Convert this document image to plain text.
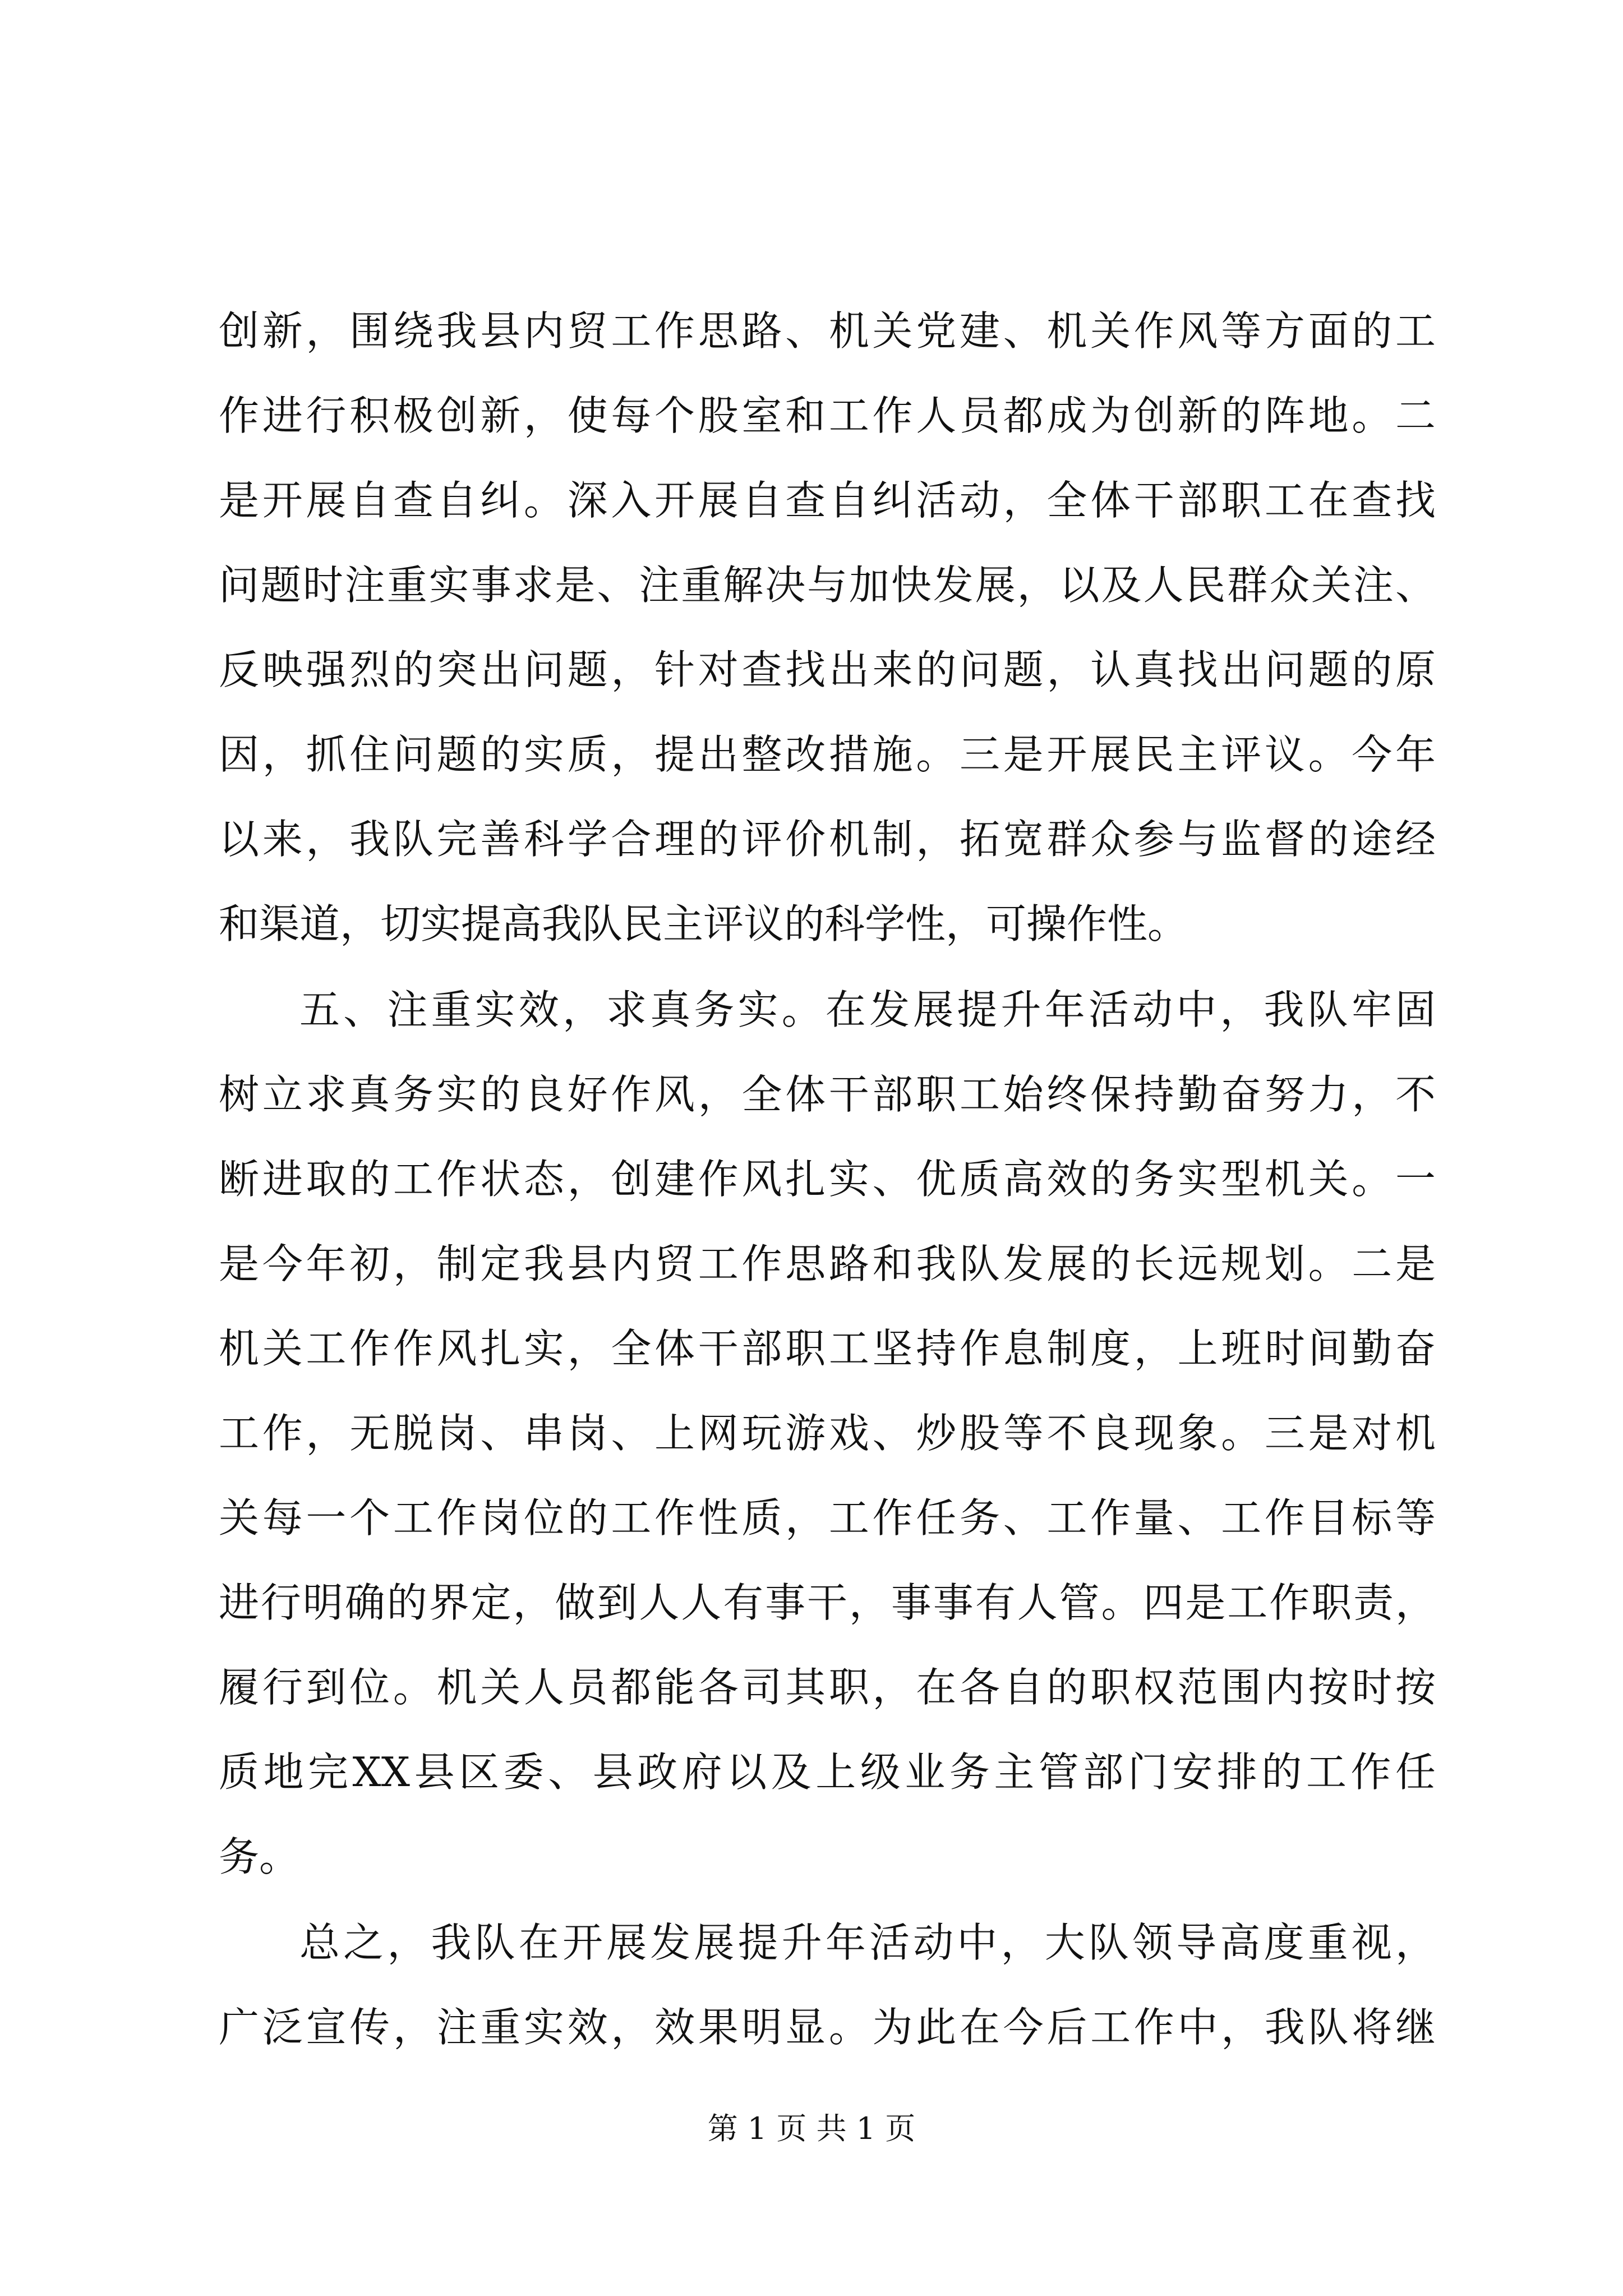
创新，围绕我县内贸工作思路、机关党建、机关作风等方面的工
作进行积极创新，使每个股室和工作人员都成为创新的阵地。二
是开展自查自纠。深入开展自查自纠活动，全体干部职工在查找
问题时注重实事求是、注重解决与加快发展，以及人民群众关注、
反映强烈的突出问题，针对查找出来的问题，认真找出问题的原
因，抓住问题的实质，提出整改措施。三是开展民主评议。今年
以来，我队完善科学合理的评价机制，拓宽群众参与监督的途经
和渠道，切实提高我队民主评议的科学性，可操作性。
五、注重实效，求真务实。在发展提升年活动中，我队牢固
树立求真务实的良好作风，全体干部职工始终保持勤奋努力，不
断进取的工作状态，创建作风扎实、优质高效的务实型机关。一
是今年初，制定我县内贸工作思路和我队发展的长远规划。二是
机关工作作风扎实，全体干部职工坚持作息制度，上班时间勤奋
工作，无脱岗、串岗、上网玩游戏、炒股等不良现象。三是对机
关每一个工作岗位的工作性质，工作任务、工作量、工作目标等
进行明确的界定，做到人人有事干，事事有人管。四是工作职责，
履行到位。机关人员都能各司其职，在各自的职权范围内按时按
质地完XX县区委、县政府以及上级业务主管部门安排的工作任
务。
总之，我队在开展发展提升年活动中，大队领导高度重视，
广泛宣传，注重实效，效果明显。为此在今后工作中，我队将继
第 1 页 共 1 页
